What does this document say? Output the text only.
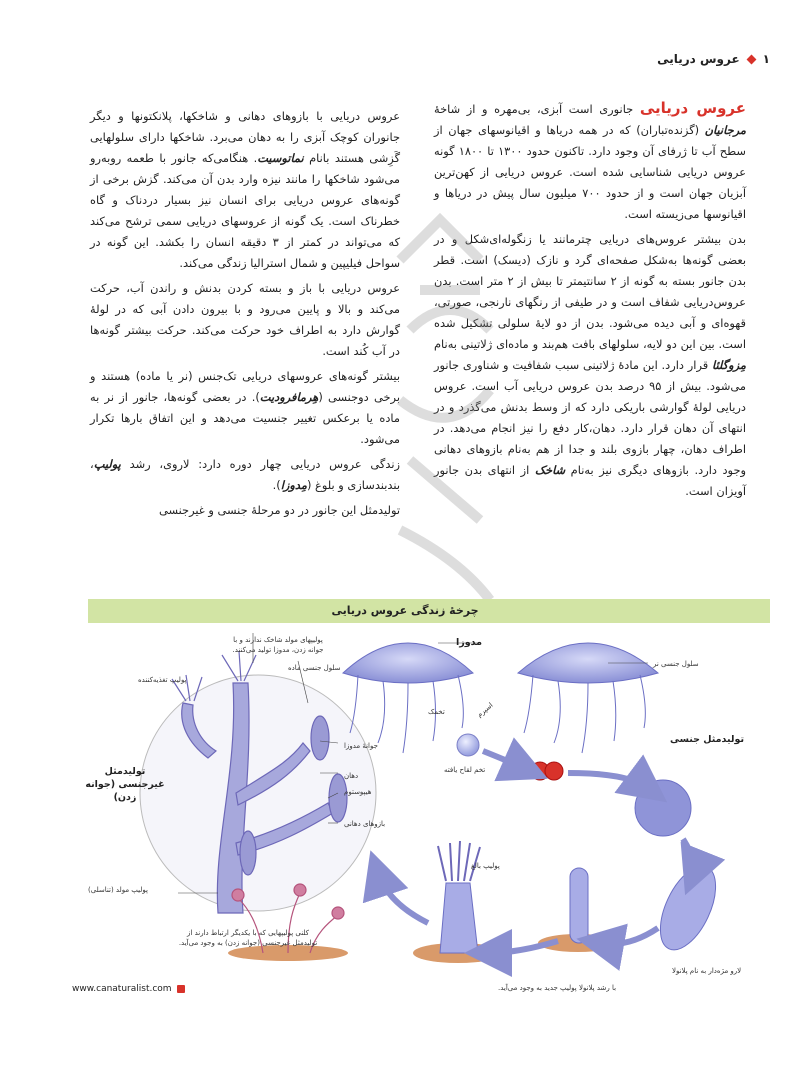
۱
عروس دریایی

عروس دریایی جانوری است آبزی، بی‌مهره و از شاخهٔ مرجانیان (گزنده‌تباران) که در همه دریاها و اقیانوسهای جهان از سطح آب تا ژرفای آن وجود دارد. تاکنون حدود ۱۳۰۰ تا ۱۸۰۰ گونه عروس دریایی شناسایی شده است. عروس دریایی از کهن‌ترین آبزیان جهان است و از حدود ۷۰۰ میلیون سال پیش در دریاها و اقیانوسها می‌زیسته است.

بدن بیشتر عروس‌های دریایی چترمانند یا زنگوله‌ای‌شکل و در بعضی گونه‌ها به‌شکل صفحه‌ای گرد و نازک (دیسک) است. قطر بدن جانور بسته به گونه از ۲ سانتیمتر تا بیش از ۲ متر است. بدن عروس‌دریایی شفاف است و در طیفی از رنگهای نارنجی، صورتی، قهوه‌ای و آبی دیده می‌شود. بدن از دو لایهٔ سلولی تشکیل شده است. بین این دو لایه، سلولهای بافت هم‌بند و ماده‌ای ژلاتینی به‌نام مِزوگلئا قرار دارد. این مادهٔ ژلاتینی سبب شفافیت و شناوری جانور می‌شود. بیش از ۹۵ درصد بدن عروس دریایی آب است. عروس دریایی لولهٔ گوارشی باریکی دارد که از وسط بدنش می‌گذرد و در انتهای آن دهان قرار دارد. دهان،کار دفع را نیز انجام می‌دهد. در اطراف دهان، چهار بازوی بلند و جدا از هم به‌نام بازوهای دهانی وجود دارد. بازوهای دیگری نیز به‌نام شاخک از انتهای بدن جانور آویزان است.

عروس دریایی با بازوهای دهانی و شاخکها، پلانکتونها و دیگر جانوران کوچک آبزی را به دهان می‌برد. شاخکها دارای سلولهایی گَزِشی هستند بانام نماتوسیت. هنگامی‌که جانور با طعمه روبه‌رو می‌شود شاخکها را مانند نیزه وارد بدن آن می‌کند. گزش برخی از گونه‌های عروس دریایی برای انسان نیز بسیار دردناک و گاه خطرناک است. یک گونه از عروسهای دریایی سمی ترشح می‌کند که می‌تواند در کمتر از ۳ دقیقه انسان را بکشد. این گونه در سواحل فیلیپین و شمال استرالیا زندگی می‌کند.

عروس دریایی با باز و بسته کردن بدنش و راندن آب، حرکت می‌کند و بالا و پایین می‌رود و با بیرون دادن آبی که در لولهٔ گوارش دارد به اطراف خود حرکت می‌کند. حرکت بیشتر گونه‌ها در آب کُند است.

بیشتر گونه‌های عروسهای دریایی تک‌جنس (نر یا ماده) هستند و برخی دوجنسی (هِرمافرودیت). در بعضی گونه‌ها، جانور از نر به ماده یا برعکس تغییر جنسیت می‌دهد و این اتفاق بارها تکرار می‌شود.

زندگی عروس دریایی چهار دوره دارد: لاروی، رشد پولیپ، بندبندسازی و بلوغ (مِدوزا).

تولیدمثل این جانور در دو مرحلهٔ جنسی و غیرجنسی

چرخهٔ زندگی عروس دریایی
مدوزا
سلول جنسی نر
اسپرم
تخمک
تخم لقاح یافته
تولیدمثل جنسی
پولیپ بالغ
لارو مژه‌دار به نام پلانولا
با رشد پلانولا پولیپ جدید به وجود می‌آید.
کلنی پولیپهایی که با یکدیگر ارتباط دارند از تولیدمثل غیرجنسی (جوانه زدن) به وجود می‌آید.
پولیپ مولد (تناسلی)
تولیدمثل غیرجنسی (جوانه زدن)
پولیپ تغذیه‌کننده
پولیپهای مولد شاخک ندارند و با جوانه زدن، مدوزا تولید می‌کنند.
سلول جنسی ماده
جوانهٔ مدوزا
دهان
هیپوستوم
بازوهای دهانی
www.canaturalist.com
